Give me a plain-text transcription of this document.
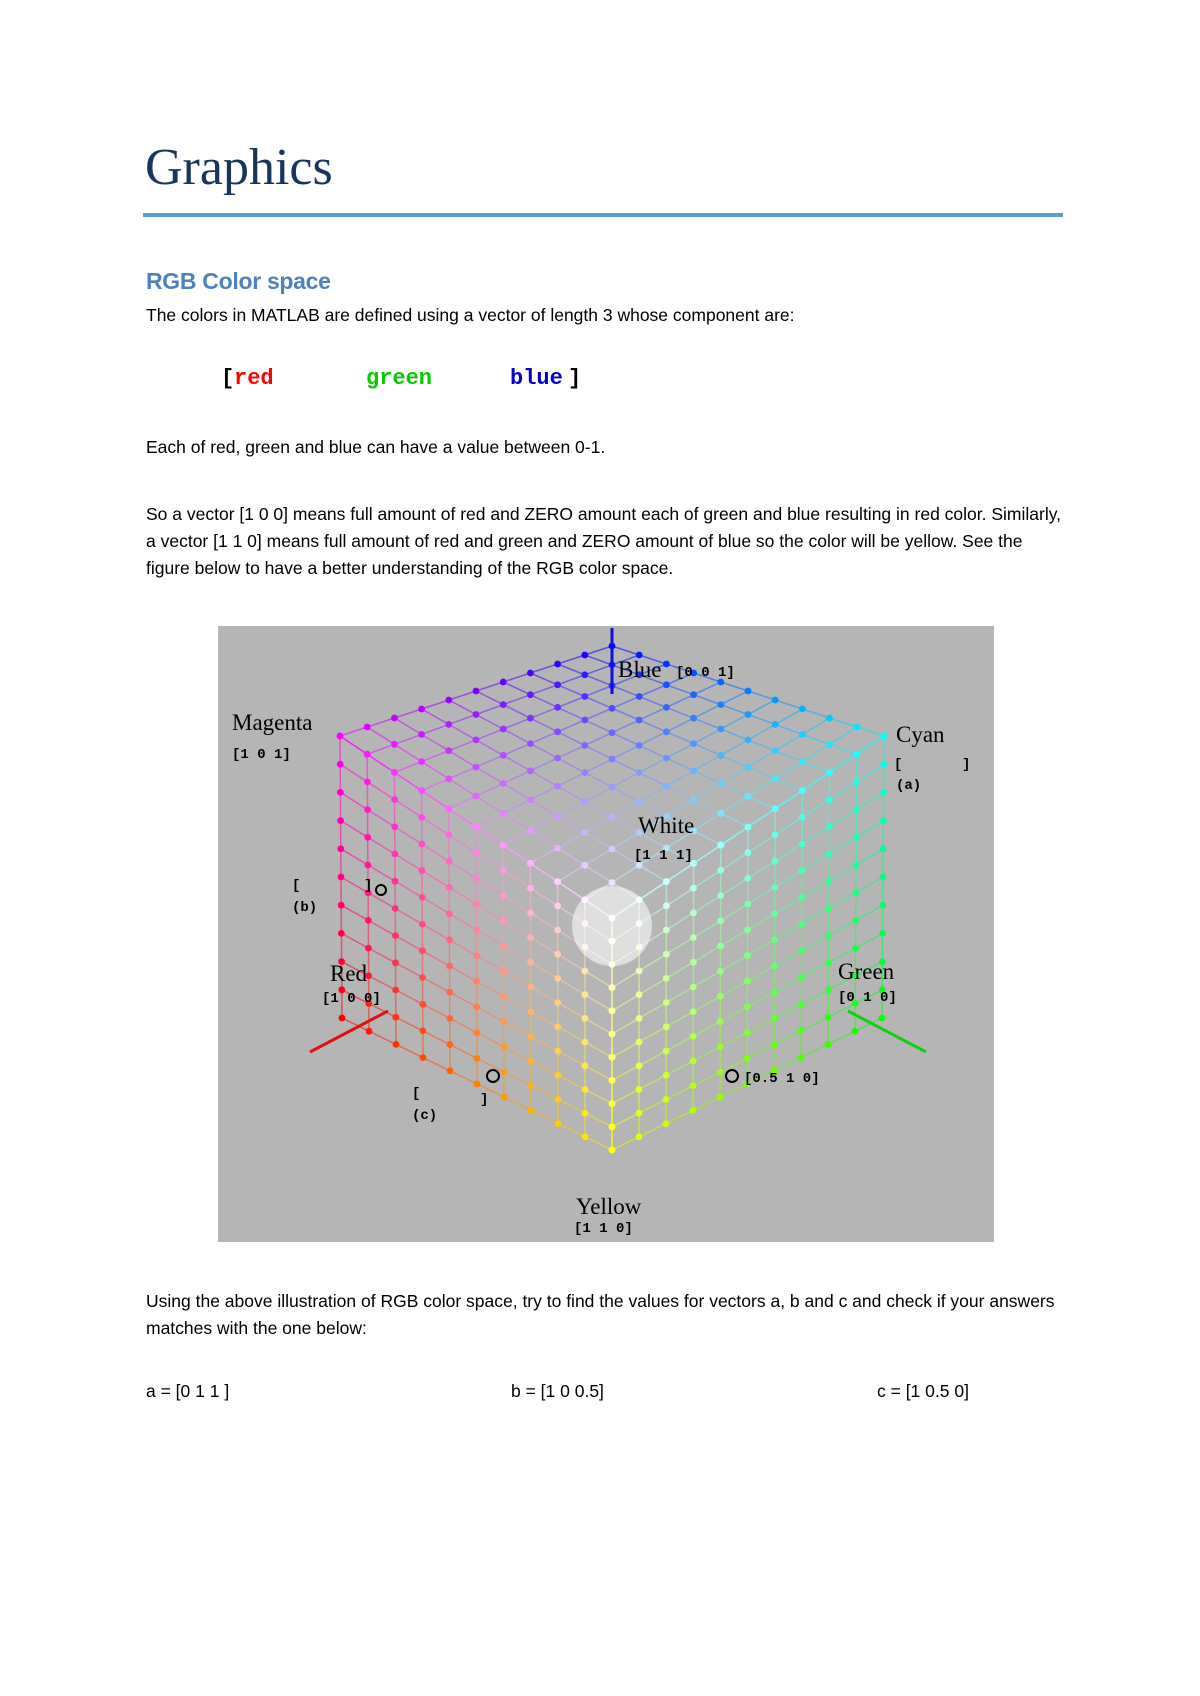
Graphics
RGB Color space
The colors in MATLAB are defined using a vector of length 3 whose component are:
[ red	green	blue ]
Each of red, green and blue can have a value between 0-1.
So a vector [1 0 0] means full amount of red and ZERO amount each of green and blue resulting in red color. Similarly, a vector [1 1 0] means full amount of red and green and ZERO amount of blue so the color will be yellow. See the figure below to have a better understanding of the RGB color space.
Blue [0 0 1]
Magenta
[1 0 1]
Cyan
[	]
(a)
White
[1 1 1]
[	]
(b)
Red
[1 0 0]
Green
[0 1 0]
[	]
(c)
[0.5 1 0]
Yellow
[1 1 0]
Using the above illustration of RGB color space, try to find the values for vectors a, b and c and check if your answers matches with the one below:
a = [0 1 1 ]	b = [1 0 0.5]	c = [1 0.5 0]
